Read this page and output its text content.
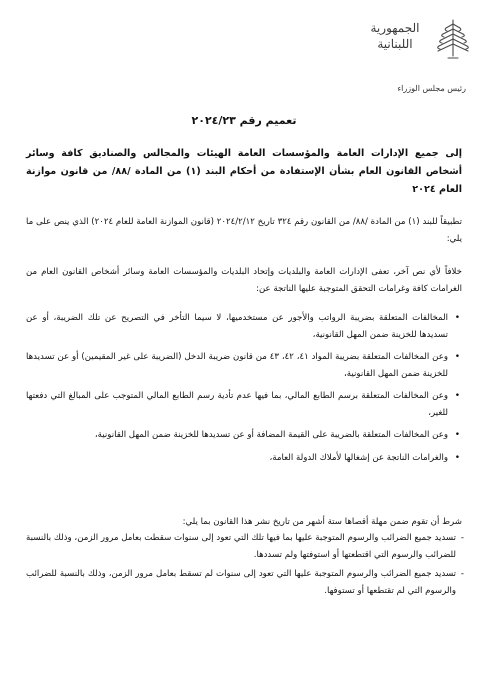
الجمهورية
اللبنانية
رئيس مجلس الوزراء
تعميم رقم ٢٠٢٤/٢٣
إلى جميع الإدارات العامة والمؤسسات العامة الهيئات والمجالس والصناديق كافة وسائر أشخاص القانون العام بشأن الإستفادة من أحكام البند (١) من المادة /٨٨/ من قانون موازنة العام ٢٠٢٤
تطبيقاً للبند (١) من المادة /٨٨/ من القانون رقم ٣٢٤ تاريخ ٢٠٢٤/٢/١٢ (قانون الموازنة العامة للعام ٢٠٢٤) الذي ينص على ما يلي:
خلافاً لأي نص آخر، تعفى الإدارات العامة والبلديات وإتحاد البلديات والمؤسسات العامة وسائر أشخاص القانون العام من الغرامات كافة وغرامات التحقق المتوجبة عليها الناتجة عن:
•
المخالفات المتعلقة بضريبة الرواتب والأجور عن مستخدميها، لا سيما التأخر في التصريح عن تلك الضريبة، أو عن تسديدها للخزينة ضمن المهل القانونية،
•
وعن المخالفات المتعلقة بضريبة المواد ٤١، ٤٢، ٤٣ من قانون ضريبة الدخل (الضريبة على غير المقيمين) أو عن تسديدها للخزينة ضمن المهل القانونية،
•
وعن المخالفات المتعلقة برسم الطابع المالي، بما فيها عدم تأدية رسم الطابع المالي المتوجب على المبالغ التي دفعتها للغير،
•
وعن المخالفات المتعلقة بالضريبة على القيمة المضافة أو عن تسديدها للخزينة ضمن المهل القانونية،
•
والغرامات الناتجة عن إشغالها لأملاك الدولة العامة،
شرط أن تقوم ضمن مهلة أقصاها ستة أشهر من تاريخ نشر هذا القانون بما يلي:
-
تسديد جميع الضرائب والرسوم المتوجبة عليها بما فيها تلك التي تعود إلى سنوات سقطت بعامل مرور الزمن، وذلك بالنسبة للضرائب والرسوم التي اقتطعتها أو استوفتها ولم تسددها.
-
تسديد جميع الضرائب والرسوم المتوجبة عليها التي تعود إلى سنوات لم تسقط بعامل مرور الزمن، وذلك بالنسبة للضرائب والرسوم التي لم تقتطعها أو تستوفها.
